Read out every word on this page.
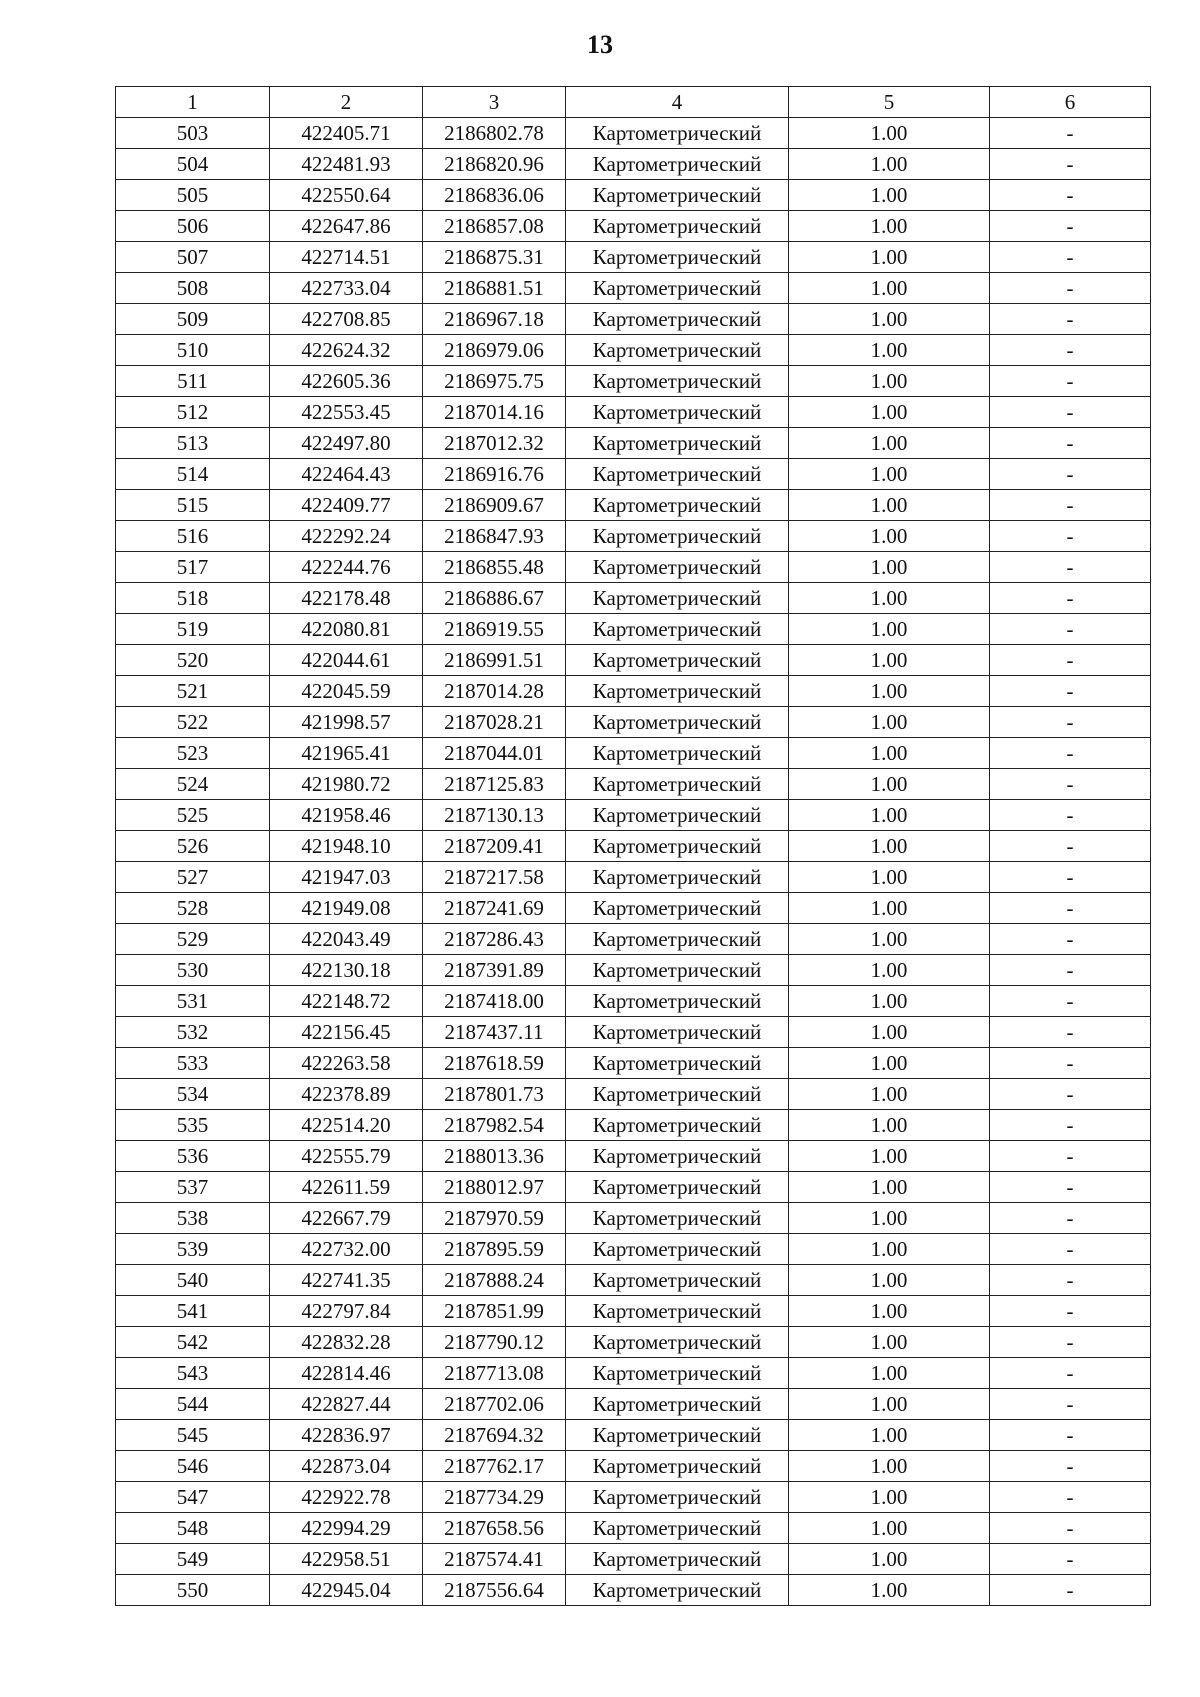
13
1	2	3	4	5	6
503	422405.71	2186802.78	Картометрический	1.00	-
504	422481.93	2186820.96	Картометрический	1.00	-
505	422550.64	2186836.06	Картометрический	1.00	-
506	422647.86	2186857.08	Картометрический	1.00	-
507	422714.51	2186875.31	Картометрический	1.00	-
508	422733.04	2186881.51	Картометрический	1.00	-
509	422708.85	2186967.18	Картометрический	1.00	-
510	422624.32	2186979.06	Картометрический	1.00	-
511	422605.36	2186975.75	Картометрический	1.00	-
512	422553.45	2187014.16	Картометрический	1.00	-
513	422497.80	2187012.32	Картометрический	1.00	-
514	422464.43	2186916.76	Картометрический	1.00	-
515	422409.77	2186909.67	Картометрический	1.00	-
516	422292.24	2186847.93	Картометрический	1.00	-
517	422244.76	2186855.48	Картометрический	1.00	-
518	422178.48	2186886.67	Картометрический	1.00	-
519	422080.81	2186919.55	Картометрический	1.00	-
520	422044.61	2186991.51	Картометрический	1.00	-
521	422045.59	2187014.28	Картометрический	1.00	-
522	421998.57	2187028.21	Картометрический	1.00	-
523	421965.41	2187044.01	Картометрический	1.00	-
524	421980.72	2187125.83	Картометрический	1.00	-
525	421958.46	2187130.13	Картометрический	1.00	-
526	421948.10	2187209.41	Картометрический	1.00	-
527	421947.03	2187217.58	Картометрический	1.00	-
528	421949.08	2187241.69	Картометрический	1.00	-
529	422043.49	2187286.43	Картометрический	1.00	-
530	422130.18	2187391.89	Картометрический	1.00	-
531	422148.72	2187418.00	Картометрический	1.00	-
532	422156.45	2187437.11	Картометрический	1.00	-
533	422263.58	2187618.59	Картометрический	1.00	-
534	422378.89	2187801.73	Картометрический	1.00	-
535	422514.20	2187982.54	Картометрический	1.00	-
536	422555.79	2188013.36	Картометрический	1.00	-
537	422611.59	2188012.97	Картометрический	1.00	-
538	422667.79	2187970.59	Картометрический	1.00	-
539	422732.00	2187895.59	Картометрический	1.00	-
540	422741.35	2187888.24	Картометрический	1.00	-
541	422797.84	2187851.99	Картометрический	1.00	-
542	422832.28	2187790.12	Картометрический	1.00	-
543	422814.46	2187713.08	Картометрический	1.00	-
544	422827.44	2187702.06	Картометрический	1.00	-
545	422836.97	2187694.32	Картометрический	1.00	-
546	422873.04	2187762.17	Картометрический	1.00	-
547	422922.78	2187734.29	Картометрический	1.00	-
548	422994.29	2187658.56	Картометрический	1.00	-
549	422958.51	2187574.41	Картометрический	1.00	-
550	422945.04	2187556.64	Картометрический	1.00	-
